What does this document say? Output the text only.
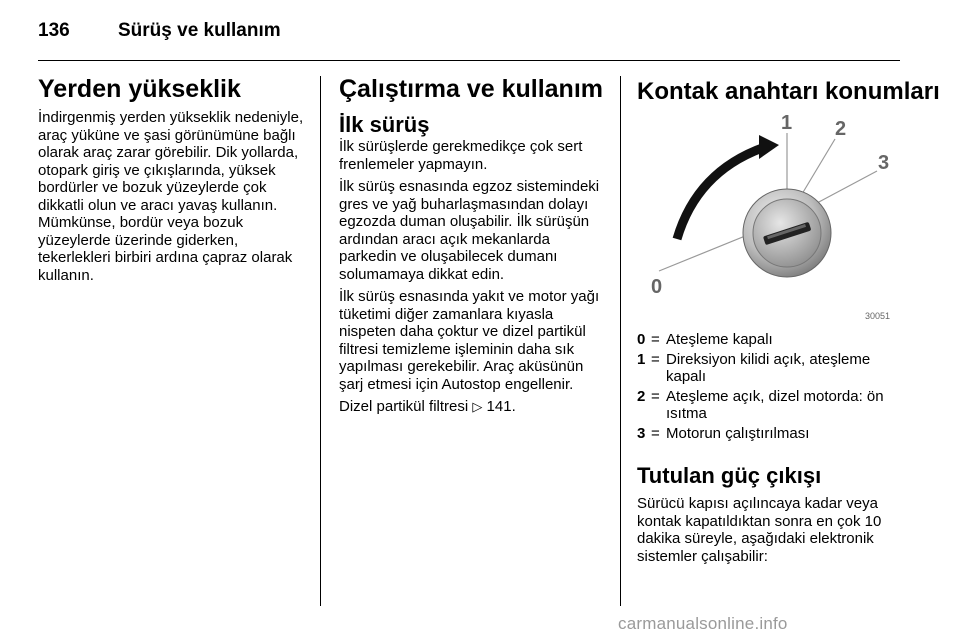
136	Sürüş ve kullanım
Yerden yükseklik

İndirgenmiş yerden yükseklik nedeniyle, araç yüküne ve şasi görünümüne bağlı olarak araç zarar görebilir. Dik yollarda, otopark giriş ve çıkışlarında, yüksek bordürler ve bozuk yüzeylerde çok dikkatli olun ve aracı yavaş kullanın. Mümkünse, bordür veya bozuk yüzeylerde üzerinde giderken, tekerlekleri birbiri ardına çapraz olarak kullanın.

Çalıştırma ve kullanım
İlk sürüş

İlk sürüşlerde gerekmedikçe çok sert frenlemeler yapmayın.

İlk sürüş esnasında egzoz sistemindeki gres ve yağ buharlaşmasından dolayı egzozda duman oluşabilir. İlk sürüşün ardından aracı açık mekanlarda parkedin ve oluşabilecek dumanı solumamaya dikkat edin.

İlk sürüş esnasında yakıt ve motor yağı tüketimi diğer zamanlara kıyasla nispeten daha çoktur ve dizel partikül filtresi temizleme işleminin daha sık yapılması gerekebilir. Araç aküsünün şarj etmesi için Autostop engellenir.

Dizel partikül filtresi ▷ 141.

Kontak anahtarı konumları
0
1 2
3
30051
0 = Ateşleme kapalı
1 = Direksiyon kilidi açık, ateşleme kapalı
2 = Ateşleme açık, dizel motorda: ön ısıtma
3 = Motorun çalıştırılması
Tutulan güç çıkışı

Sürücü kapısı açılıncaya kadar veya kontak kapatıldıktan sonra en çok 10 dakika süreyle, aşağıdaki elektronik sistemler çalışabilir:

carmanualsonline.info
